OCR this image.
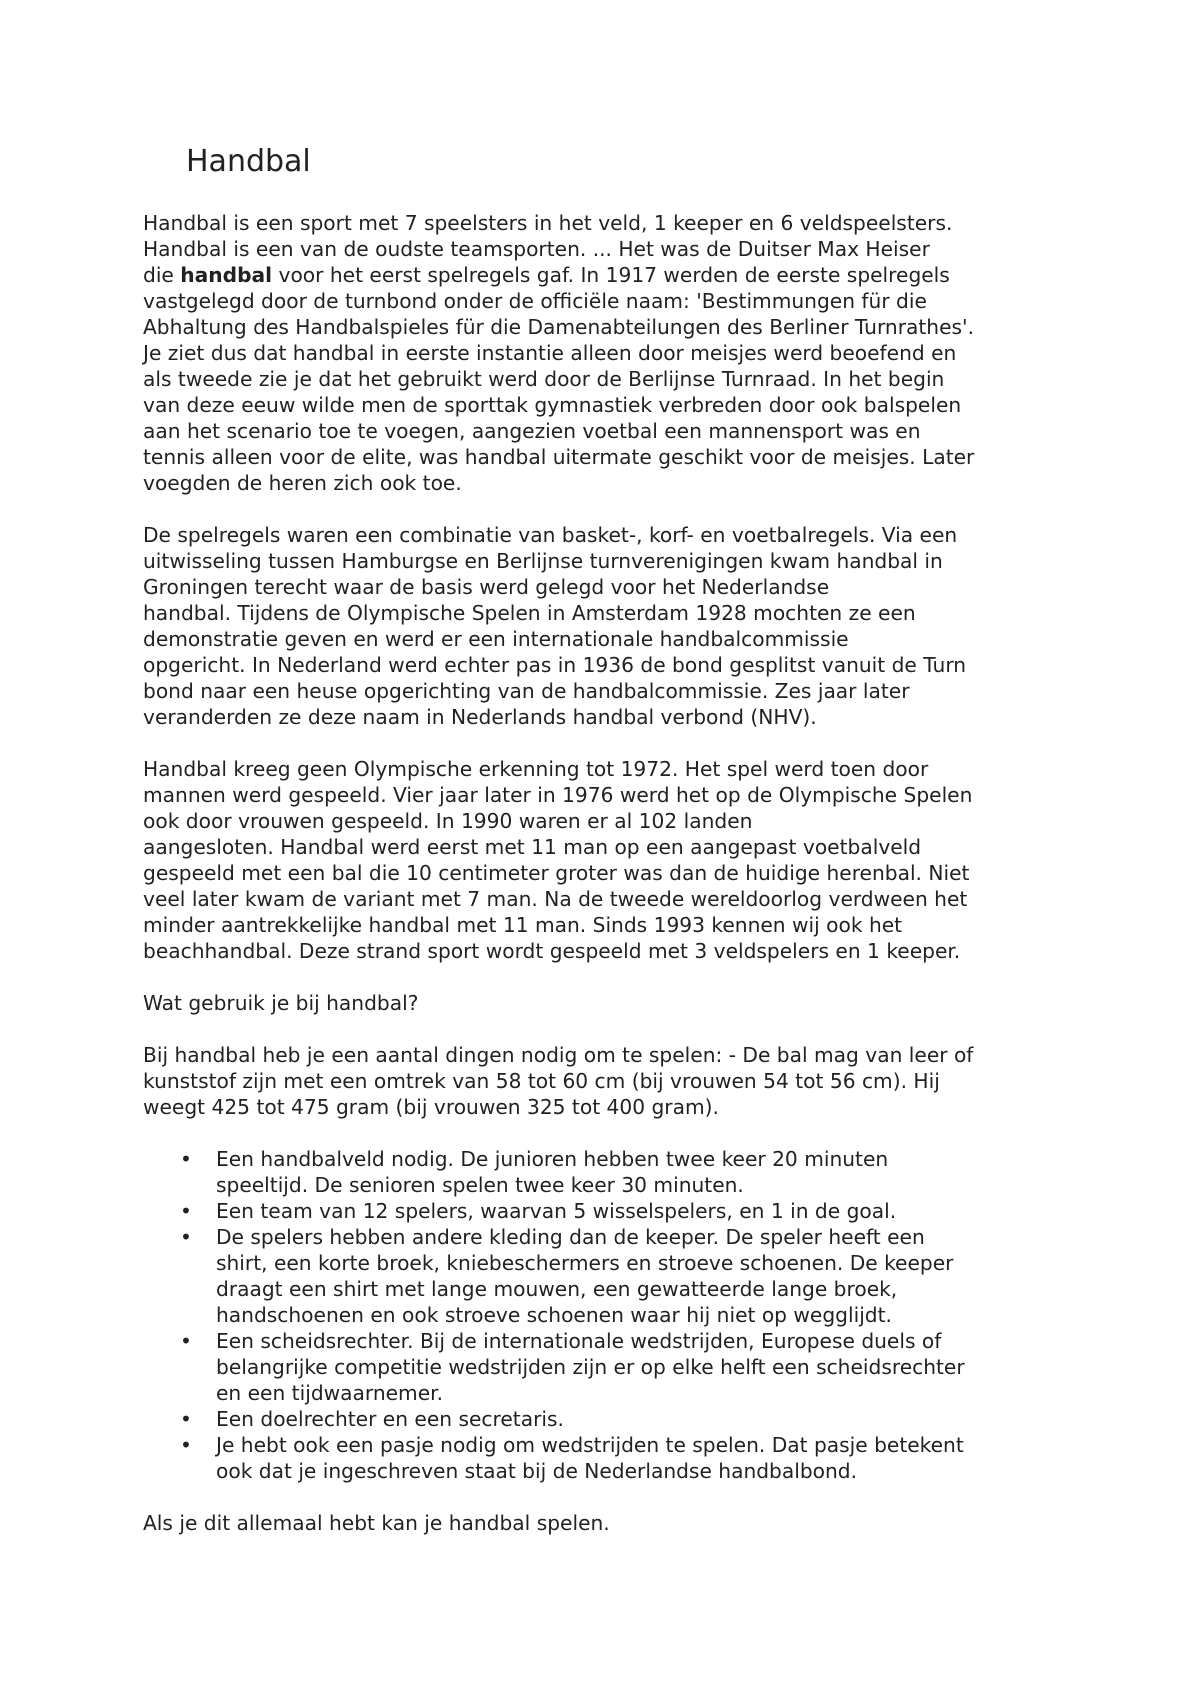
Handbal

Handbal is een sport met 7 speelsters in het veld, 1 keeper en 6 veldspeelsters.
Handbal is een van de oudste teamsporten. ... Het was de Duitser Max Heiser
die handbal voor het eerst spelregels gaf. In 1917 werden de eerste spelregels
vastgelegd door de turnbond onder de officiële naam: 'Bestimmungen für die
Abhaltung des Handbalspieles für die Damenabteilungen des Berliner Turnrathes'.
Je ziet dus dat handbal in eerste instantie alleen door meisjes werd beoefend en
als tweede zie je dat het gebruikt werd door de Berlijnse Turnraad. In het begin
van deze eeuw wilde men de sporttak gymnastiek verbreden door ook balspelen
aan het scenario toe te voegen, aangezien voetbal een mannensport was en
tennis alleen voor de elite, was handbal uitermate geschikt voor de meisjes. Later
voegden de heren zich ook toe.

De spelregels waren een combinatie van basket-, korf- en voetbalregels. Via een
uitwisseling tussen Hamburgse en Berlijnse turnverenigingen kwam handbal in
Groningen terecht waar de basis werd gelegd voor het Nederlandse
handbal. Tijdens de Olympische Spelen in Amsterdam 1928 mochten ze een
demonstratie geven en werd er een internationale handbalcommissie
opgericht. In Nederland werd echter pas in 1936 de bond gesplitst vanuit de Turn
bond naar een heuse opgerichting van de handbalcommissie. Zes jaar later
veranderden ze deze naam in Nederlands handbal verbond (NHV).

Handbal kreeg geen Olympische erkenning tot 1972. Het spel werd toen door
mannen werd gespeeld. Vier jaar later in 1976 werd het op de Olympische Spelen
ook door vrouwen gespeeld. In 1990 waren er al 102 landen
aangesloten. Handbal werd eerst met 11 man op een aangepast voetbalveld
gespeeld met een bal die 10 centimeter groter was dan de huidige herenbal. Niet
veel later kwam de variant met 7 man. Na de tweede wereldoorlog verdween het
minder aantrekkelijke handbal met 11 man. Sinds 1993 kennen wij ook het
beachhandbal. Deze strand sport wordt gespeeld met 3 veldspelers en 1 keeper.

Wat gebruik je bij handbal?

Bij handbal heb je een aantal dingen nodig om te spelen: - De bal mag van leer of
kunststof zijn met een omtrek van 58 tot 60 cm (bij vrouwen 54 tot 56 cm). Hij
weegt 425 tot 475 gram (bij vrouwen 325 tot 400 gram).

• Een handbalveld nodig. De junioren hebben twee keer 20 minuten
speeltijd. De senioren spelen twee keer 30 minuten.
• Een team van 12 spelers, waarvan 5 wisselspelers, en 1 in de goal.
• De spelers hebben andere kleding dan de keeper. De speler heeft een
shirt, een korte broek, kniebeschermers en stroeve schoenen. De keeper
draagt een shirt met lange mouwen, een gewatteerde lange broek,
handschoenen en ook stroeve schoenen waar hij niet op wegglijdt.
• Een scheidsrechter. Bij de internationale wedstrijden, Europese duels of
belangrijke competitie wedstrijden zijn er op elke helft een scheidsrechter
en een tijdwaarnemer.
• Een doelrechter en een secretaris.
• Je hebt ook een pasje nodig om wedstrijden te spelen. Dat pasje betekent
ook dat je ingeschreven staat bij de Nederlandse handbalbond.

Als je dit allemaal hebt kan je handbal spelen.
